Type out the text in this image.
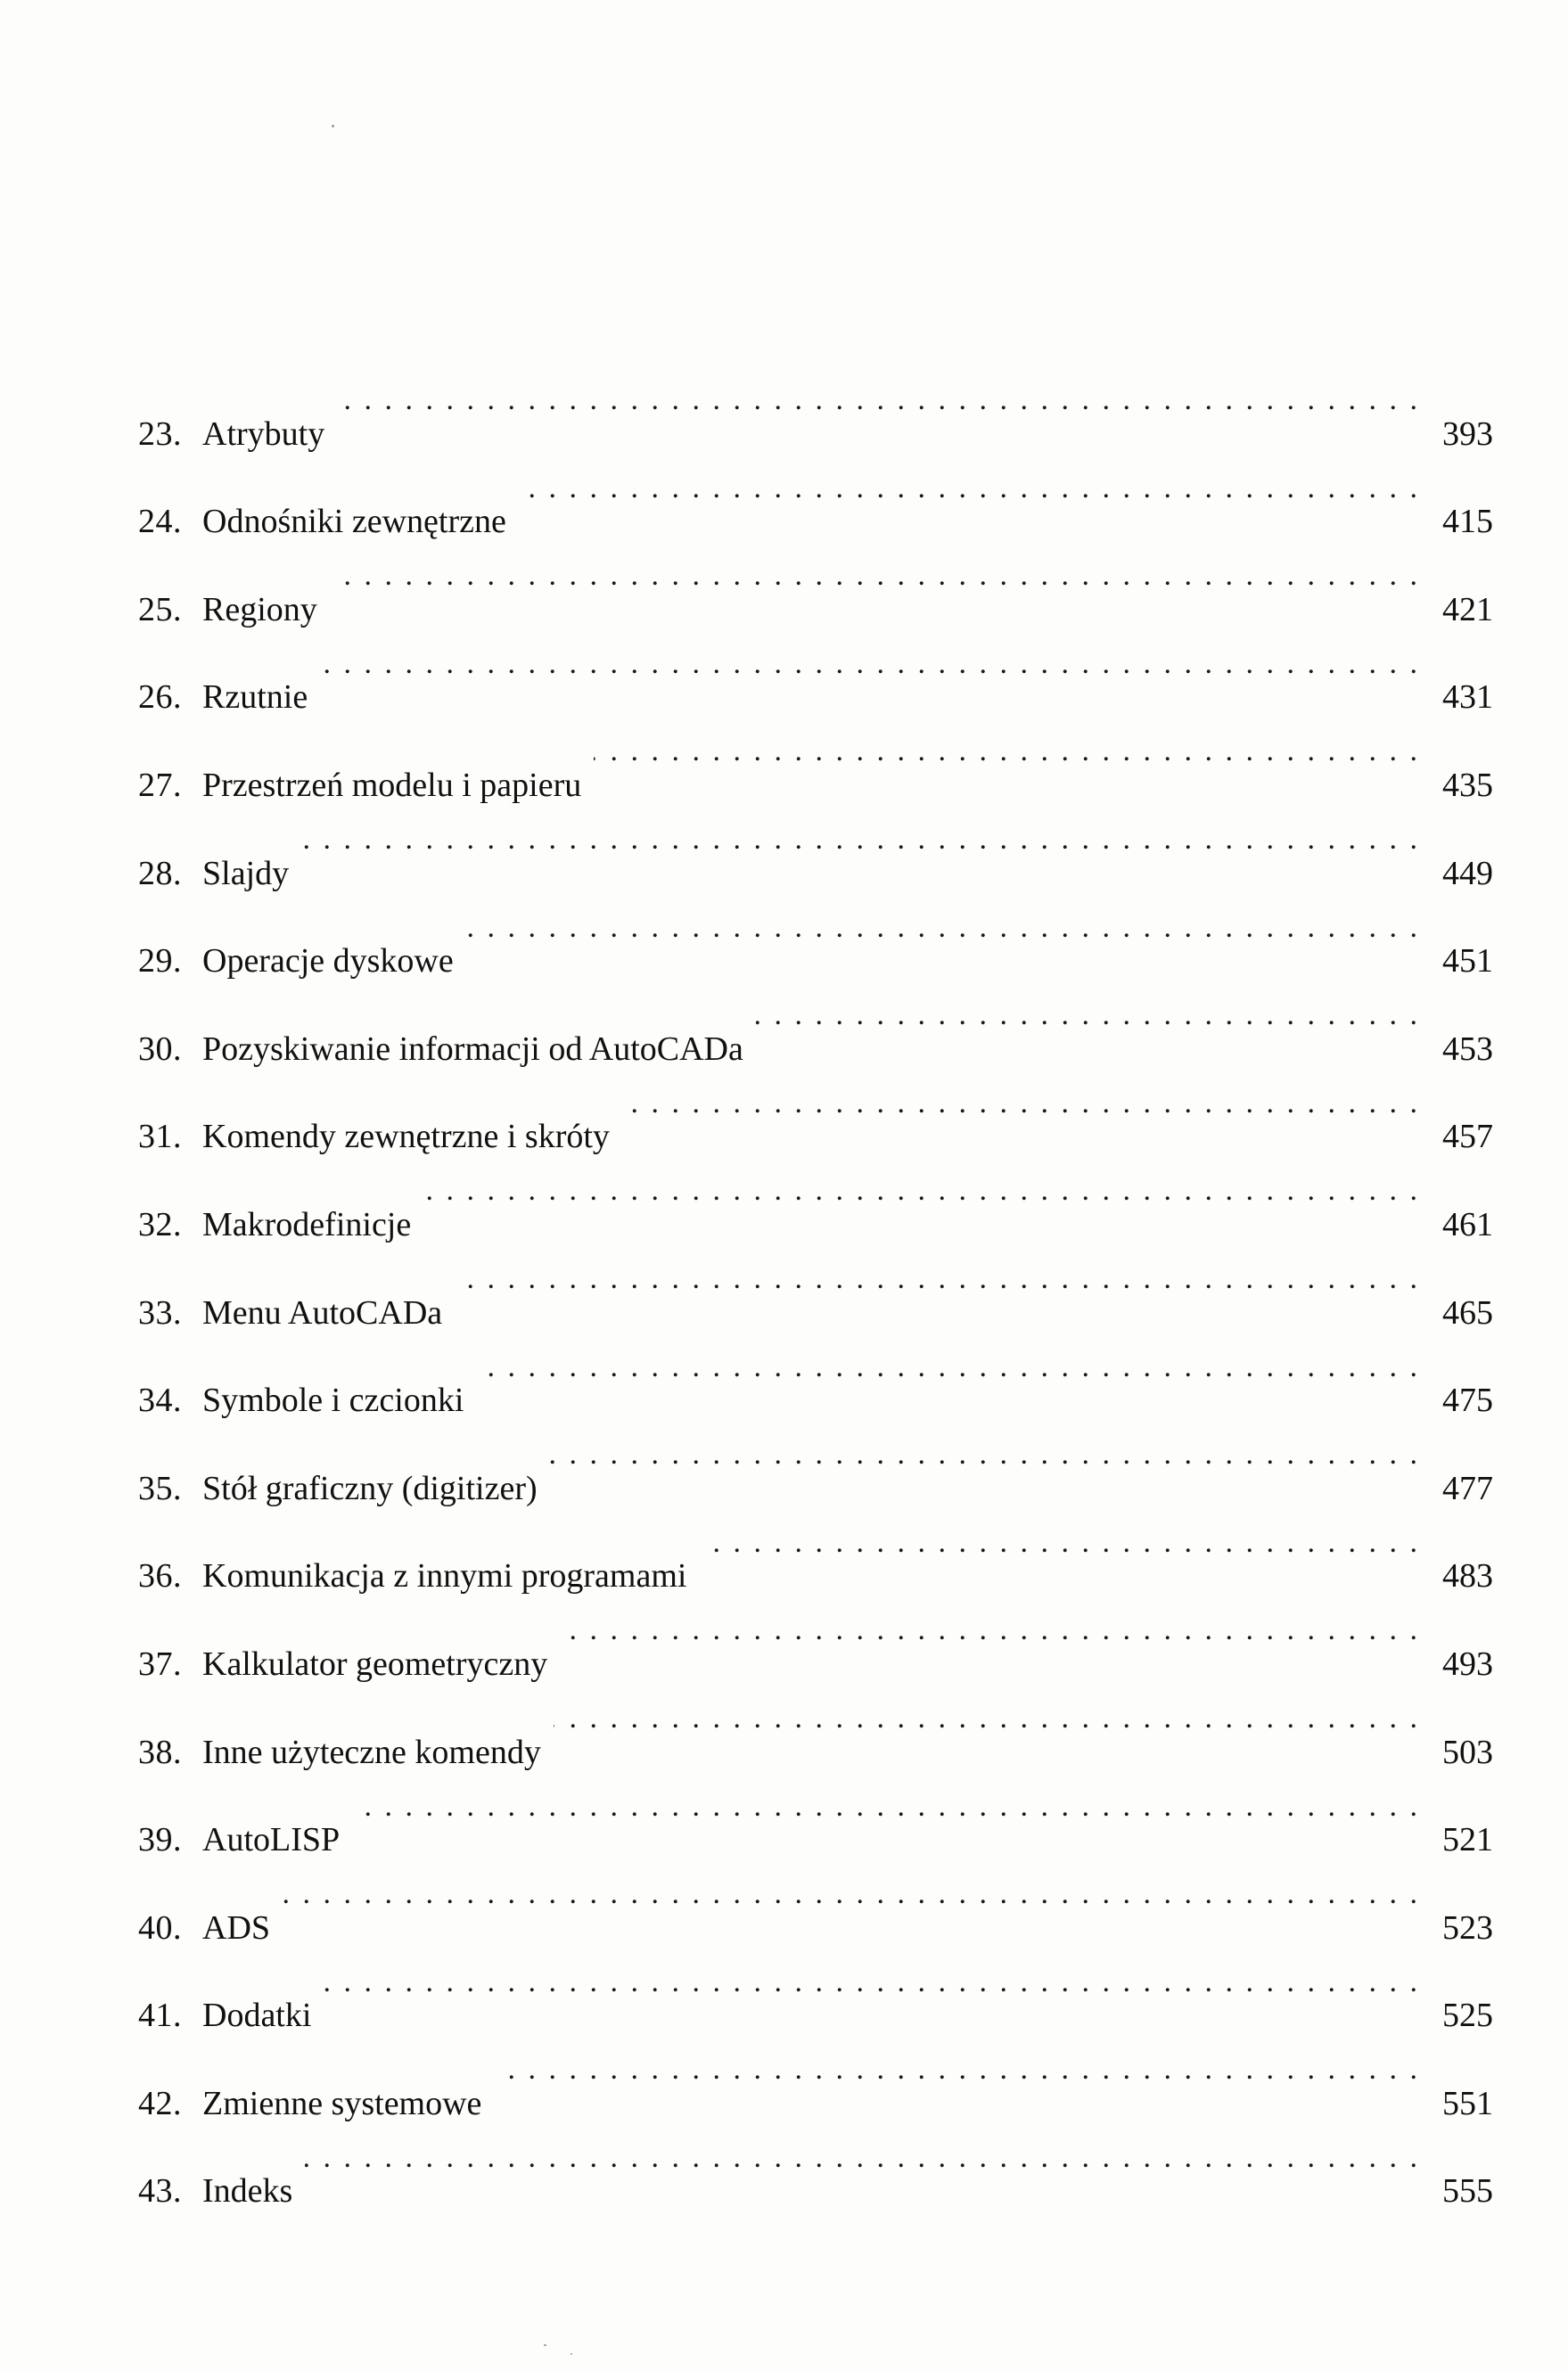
23. Atrybuty . . .	393
24. Odnośniki zewnętrzne . . .	415
25. Regiony . . .	421
26. Rzutnie . . .	431
27. Przestrzeń modelu i papieru . . .	435
28. Slajdy . . .	449
29. Operacje dyskowe . . .	451
30. Pozyskiwanie informacji od AutoCADa . . .	453
31. Komendy zewnętrzne i skróty . . .	457
32. Makrodefinicje . . .	461
33. Menu AutoCADa . . .	465
34. Symbole i czcionki . . .	475
35. Stół graficzny (digitizer) . . .	477
36. Komunikacja z innymi programami . . .	483
37. Kalkulator geometryczny . . .	493
38. Inne użyteczne komendy . . .	503
39. AutoLISP . . .	521
40. ADS . . .	523
41. Dodatki . . .	525
42. Zmienne systemowe . . .	551
43. Indeks . . .	555
